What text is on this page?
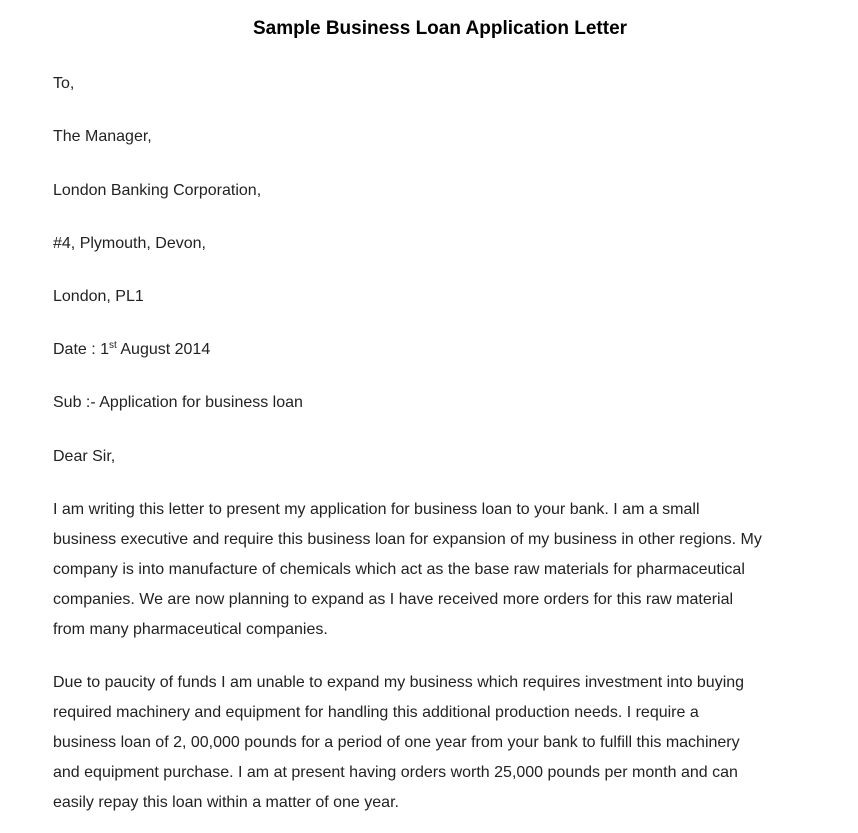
Sample Business Loan Application Letter

To,

The Manager,

London Banking Corporation,

#4, Plymouth, Devon,

London, PL1

Date : 1st August 2014

Sub :- Application for business loan

Dear Sir,

I am writing this letter to present my application for business loan to your bank. I am a small
business executive and require this business loan for expansion of my business in other regions. My
company is into manufacture of chemicals which act as the base raw materials for pharmaceutical
companies. We are now planning to expand as I have received more orders for this raw material
from many pharmaceutical companies.
Due to paucity of funds I am unable to expand my business which requires investment into buying
required machinery and equipment for handling this additional production needs. I require a
business loan of 2, 00,000 pounds for a period of one year from your bank to fulfill this machinery
and equipment purchase. I am at present having orders worth 25,000 pounds per month and can
easily repay this loan within a matter of one year.
